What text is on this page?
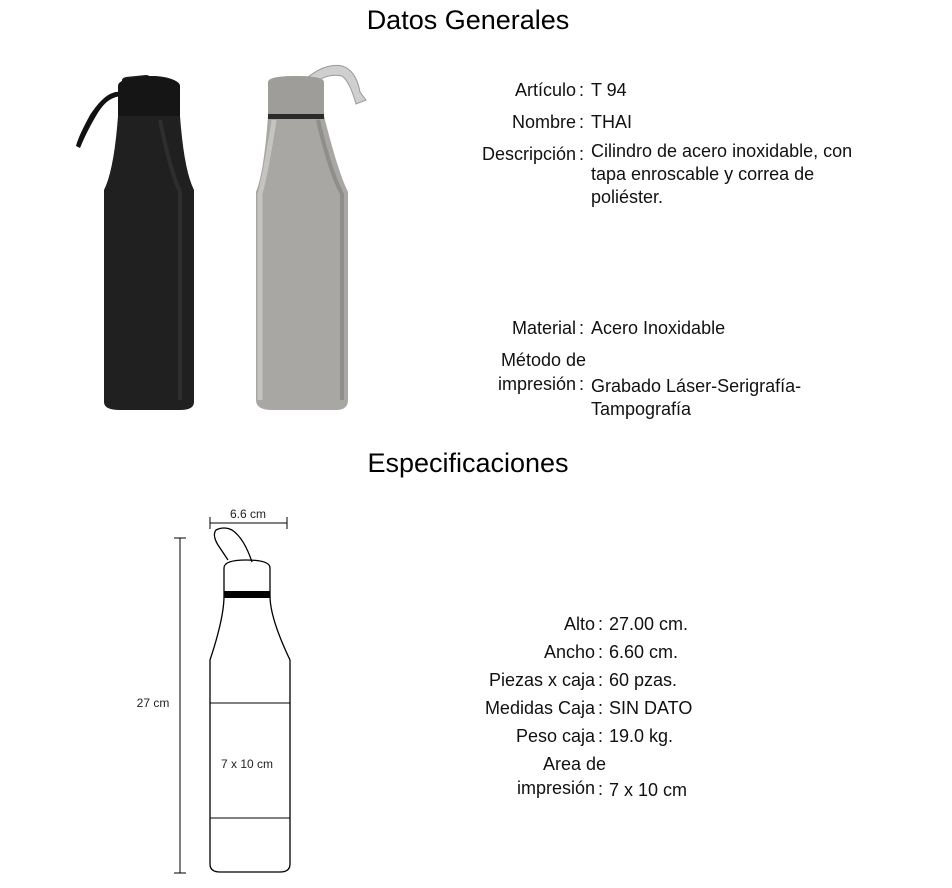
Datos Generales
Artículo : T 94
Nombre : THAI
Descripción : Cilindro de acero inoxidable, con
tapa enroscable y correa de
poliéster.
Material : Acero Inoxidable
Método de
impresión : Grabado Láser-Serigrafía-
Tampografía
Especificaciones
6.6 cm
27 cm
7 x 10 cm
Alto : 27.00 cm.
Ancho : 6.60 cm.
Piezas x caja : 60 pzas.
Medidas Caja : SIN DATO
Peso caja : 19.0 kg.
Area de
impresión : 7 x 10 cm
